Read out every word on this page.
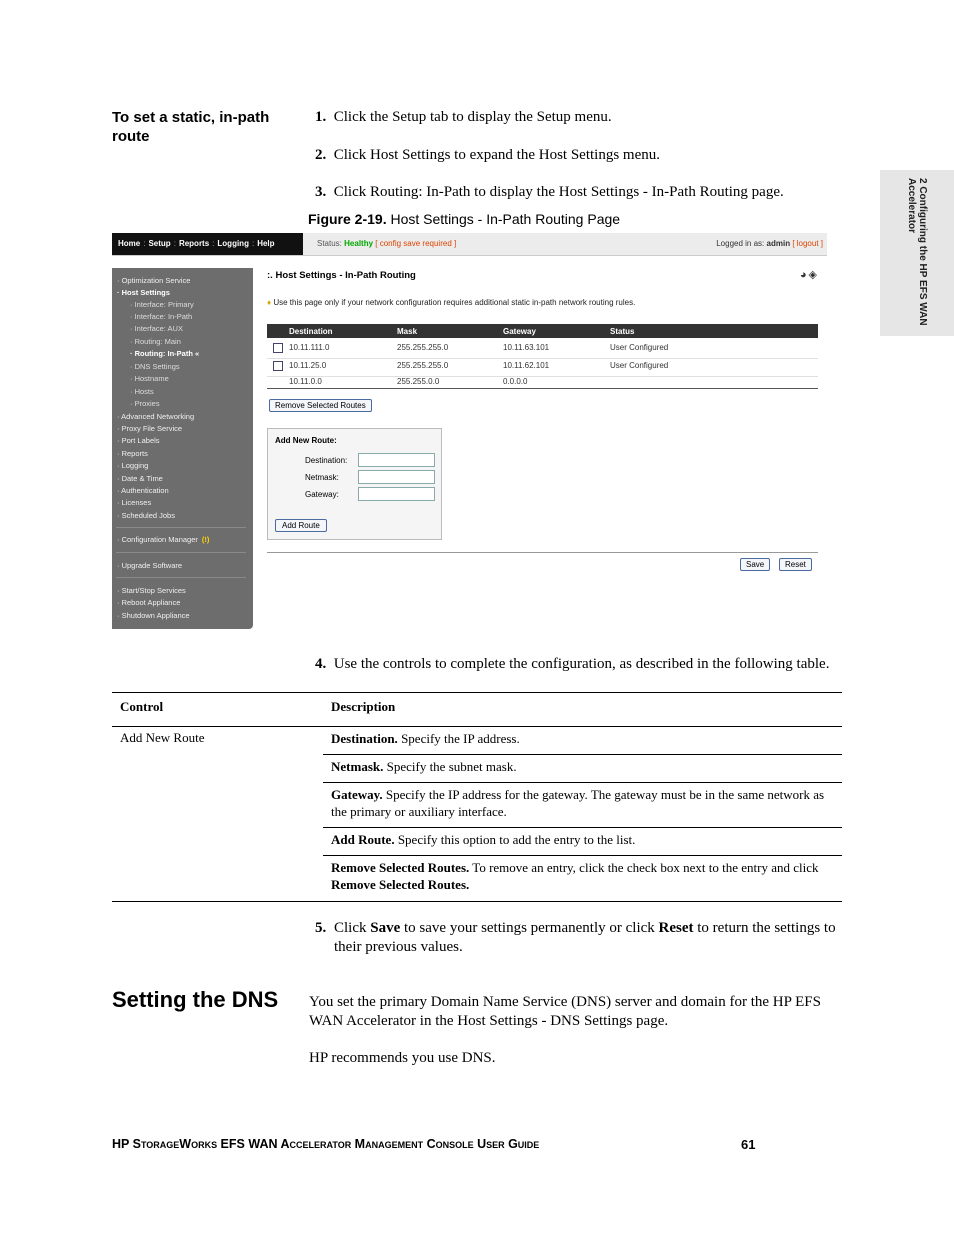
To set a static, in-path route
1. Click the Setup tab to display the Setup menu.
2. Click Host Settings to expand the Host Settings menu.
3. Click Routing: In-Path to display the Host Settings - In-Path Routing page.	2 Configuring the HP EFS WAN Accelerator
Figure 2-19. Host Settings - In-Path Routing Page
Home : Setup : Reports : Logging : Help	Status: Healthy [ config save required ]	Logged in as: admin [ logout ]
· Optimization Service
· Host Settings
· Interface: Primary
· Interface: In-Path
· Interface: AUX
· Routing: Main
· Routing: In-Path «
· DNS Settings
· Hostname
· Hosts
· Proxies
· Advanced Networking
· Proxy File Service
· Port Labels
· Reports
· Logging
· Date & Time
· Authentication
· Licenses
· Scheduled Jobs
· Configuration Manager (!)
· Upgrade Software
· Start/Stop Services
· Reboot Appliance
· Shutdown Appliance
:. Host Settings - In-Path Routing	◕ ◈
♦ Use this page only if your network configuration requires additional static in-path network routing rules.
Destination	Mask	Gateway	Status
10.11.111.0	255.255.255.0	10.11.63.101	User Configured
10.11.25.0	255.255.255.0	10.11.62.101	User Configured
10.11.0.0	255.255.0.0	0.0.0.0
Remove Selected Routes
Add New Route:
Destination:
Netmask:
Gateway:
Add Route
Save	Reset
4. Use the controls to complete the configuration, as described in the following table.
Control	Description
Add New Route	Destination. Specify the IP address.
Netmask. Specify the subnet mask.
Gateway. Specify the IP address for the gateway. The gateway must be in the same network as the primary or auxiliary interface.
Add Route. Specify this option to add the entry to the list.
Remove Selected Routes. To remove an entry, click the check box next to the entry and click Remove Selected Routes.
5. Click Save to save your settings permanently or click Reset to return the settings to their previous values.
Setting the DNS You set the primary Domain Name Service (DNS) server and domain for the HP EFS WAN Accelerator in the Host Settings - DNS Settings page.
HP recommends you use DNS.
HP StorageWorks EFS WAN Accelerator Management Console User Guide	61
